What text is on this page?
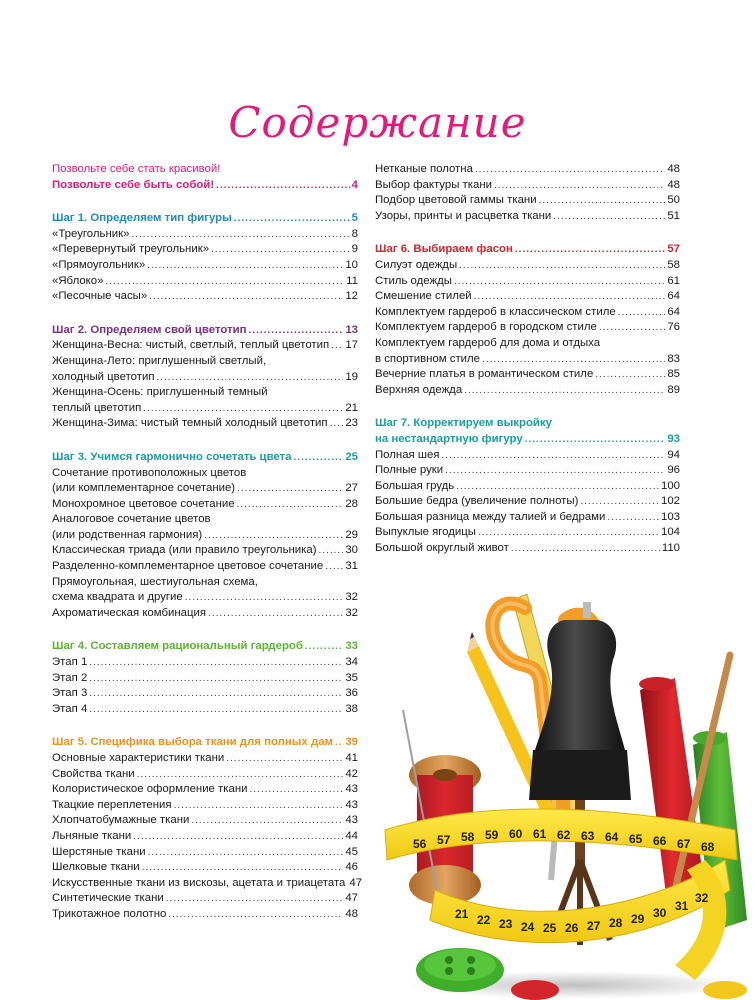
Содержание
Позвольте себе стать красивой!
Позвольте себе быть собой! .....	4
Шаг 1. Определяем тип фигуры .....	5
«Треугольник» .....	8
«Перевернутый треугольник» .....	9
«Прямоугольник» .....	10
«Яблоко» .....	11
«Песочные часы» .....	12
Шаг 2. Определяем свой цветотип .....	13
Женщина-Весна: чистый, светлый, теплый цветотип ..... 17
Женщина-Лето: приглушенный светлый,
холодный цветотип .....	19
Женщина-Осень: приглушенный темный
теплый цветотип .....	21
Женщина-Зима: чистый темный холодный цветотип ..... 23
Шаг 3. Учимся гармонично сочетать цвета .....	25
Сочетание противоположных цветов
(или комплементарное сочетание) .....	27
Монохромное цветовое сочетание .....	28
Аналоговое сочетание цветов
(или родственная гармония) .....	29
Классическая триада (или правило треугольника) .....	30
Разделенно-комплементарное цветовое сочетание ..... 31
Прямоугольная, шестиугольная схема,
схема квадрата и другие .....	32
Ахроматическая комбинация .....	32
Шаг 4. Составляем рациональный гардероб .....	33
Этап 1 .....	34
Этап 2 .....	35
Этап 3 .....	36
Этап 4 .....	38
Шаг 5. Специфика выбора ткани для полных дам ..... 39
Основные характеристики ткани .....	41
Свойства ткани .....	42
Колористическое оформление ткани .....	43
Ткацкие переплетения .....	43
Хлопчатобумажные ткани .....	43
Льняные ткани .....	44
Шерстяные ткани .....	45
Шелковые ткани .....	46
Искусственные ткани из вискозы, ацетата и триацетата 47
Синтетические ткани .....	47
Трикотажное полотно .....	48
Нетканые полотна .....	48
Выбор фактуры ткани .....	48
Подбор цветовой гаммы ткани .....	50
Узоры, принты и расцветка ткани .....	51
Шаг 6. Выбираем фасон .....	57
Силуэт одежды .....	58
Стиль одежды .....	61
Смешение стилей .....	64
Комплектуем гардероб в классическом стиле .....	64
Комплектуем гардероб в городском стиле .....	76
Комплектуем гардероб для дома и отдыха
в спортивном стиле .....	83
Вечерние платья в романтическом стиле .....	85
Верхняя одежда .....	89
Шаг 7. Корректируем выкройку
на нестандартную фигуру .....	93
Полная шея .....	94
Полные руки .....	96
Большая грудь .....	100
Большие бедра (увеличение полноты) .....	102
Большая разница между талией и бедрами .....	103
Выпуклые ягодицы .....	104
Большой округлый живот .....	110
56 57 58 59 60 61 62 63 64 65 66 67 68
21 22 23 24 25 26 27 28 29 30 31
32
